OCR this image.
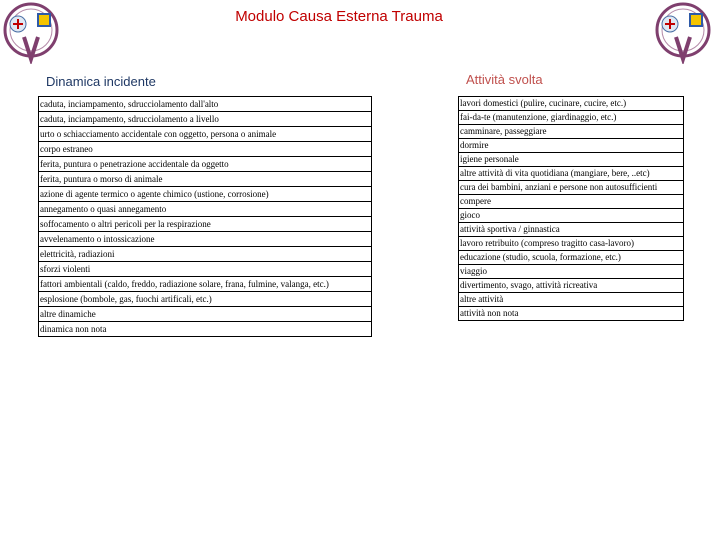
Modulo Causa Esterna Trauma
Dinamica incidente	Attività svolta
caduta, inciampamento, sdrucciolamento dall'alto
caduta, inciampamento, sdrucciolamento a livello
urto o schiacciamento accidentale con oggetto, persona o animale
corpo estraneo
ferita, puntura o penetrazione accidentale da oggetto
ferita, puntura o morso di animale
azione di agente termico o agente chimico (ustione, corrosione)
annegamento o quasi annegamento
soffocamento o altri pericoli per la respirazione
avvelenamento o intossicazione
elettricità, radiazioni
sforzi violenti
fattori ambientali (caldo, freddo, radiazione solare, frana, fulmine, valanga, etc.)
esplosione (bombole, gas, fuochi artificali, etc.)
altre dinamiche
dinamica non nota
lavori domestici (pulire, cucinare, cucire, etc.)
fai-da-te (manutenzione, giardinaggio, etc.)
camminare, passeggiare
dormire
igiene personale
altre attività di vita quotidiana (mangiare, bere, ..etc)
cura dei bambini, anziani e persone non autosufficienti
compere
gioco
attività sportiva / ginnastica
lavoro retribuito (compreso tragitto casa-lavoro)
educazione (studio, scuola, formazione, etc.)
viaggio
divertimento, svago, attività ricreativa
altre attività
attività non nota
